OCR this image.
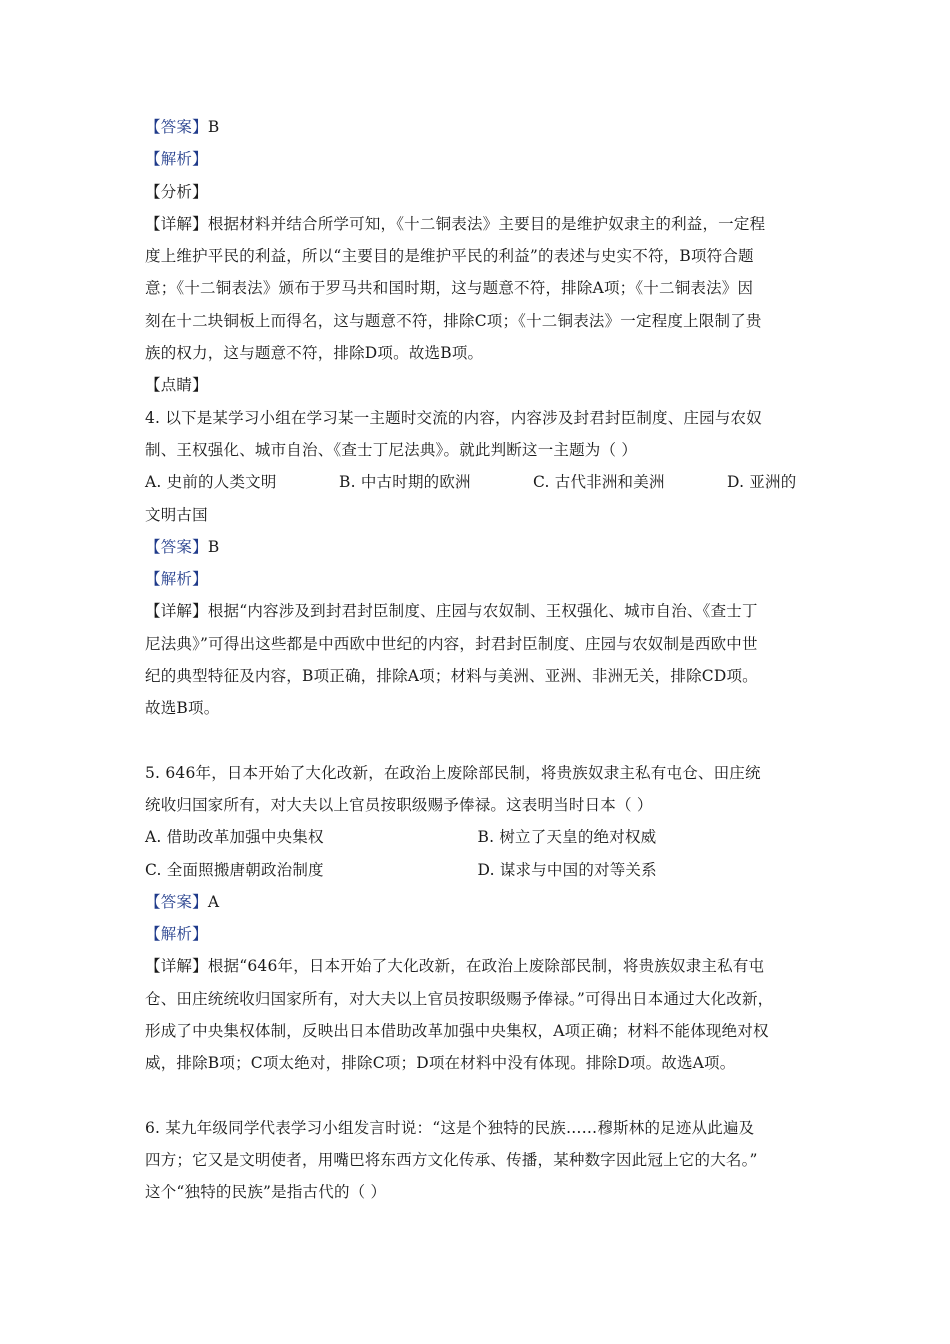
【答案】B
【解析】
【分析】
【详解】根据材料并结合所学可知，《十二铜表法》主要目的是维护奴隶主的利益，一定程
度上维护平民的利益，所以“主要目的是维护平民的利益”的表述与史实不符，B项符合题
意；《十二铜表法》颁布于罗马共和国时期，这与题意不符，排除A项；《十二铜表法》因
刻在十二块铜板上而得名，这与题意不符，排除C项；《十二铜表法》一定程度上限制了贵
族的权力，这与题意不符，排除D项。故选B项。
【点睛】
4. 以下是某学习小组在学习某一主题时交流的内容，内容涉及封君封臣制度、庄园与农奴
制、王权强化、城市自治、《查士丁尼法典》。就此判断这一主题为（ ）
A. 史前的人类文明	B. 中古时期的欧洲	C. 古代非洲和美洲	D. 亚洲的
文明古国
【答案】B
【解析】
【详解】根据“内容涉及到封君封臣制度、庄园与农奴制、王权强化、城市自治、《查士丁
尼法典》”可得出这些都是中西欧中世纪的内容，封君封臣制度、庄园与农奴制是西欧中世
纪的典型特征及内容，B项正确，排除A项；材料与美洲、亚洲、非洲无关，排除CD项。
故选B项。
5. 646年，日本开始了大化改新，在政治上废除部民制，将贵族奴隶主私有屯仓、田庄统
统收归国家所有，对大夫以上官员按职级赐予俸禄。这表明当时日本（ ）
A. 借助改革加强中央集权	B. 树立了天皇的绝对权威
C. 全面照搬唐朝政治制度	D. 谋求与中国的对等关系
【答案】A
【解析】
【详解】根据“646年，日本开始了大化改新，在政治上废除部民制，将贵族奴隶主私有屯
仓、田庄统统收归国家所有，对大夫以上官员按职级赐予俸禄。”可得出日本通过大化改新，
形成了中央集权体制，反映出日本借助改革加强中央集权，A项正确；材料不能体现绝对权
威，排除B项；C项太绝对，排除C项；D项在材料中没有体现。排除D项。故选A项。
6. 某九年级同学代表学习小组发言时说：“这是个独特的民族……穆斯林的足迹从此遍及
四方；它又是文明使者，用嘴巴将东西方文化传承、传播，某种数字因此冠上它的大名。”
这个“独特的民族”是指古代的（ ）
